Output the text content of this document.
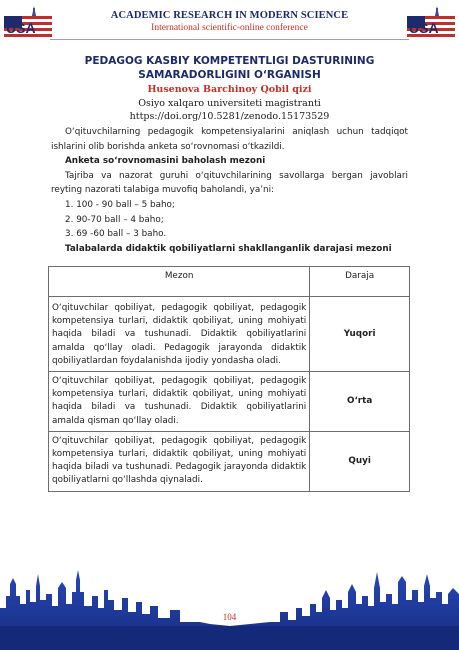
USA
ACADEMIC RESEARCH IN MODERN SCIENCE
International scientific-online conference	USA
PEDAGOG KASBIY KOMPETENTLIGI DASTURINING
SAMARADORLIGINI O‘RGANISH
Husenova Barchinoy Qobil qizi
Osiyo xalqaro universiteti magistranti
https://doi.org/10.5281/zenodo.15173529

O‘qituvchilarning pedagogik kompetensiyalarini aniqlash uchun tadqiqot ishlarini olib borishda anketa so‘rovnomasi o‘tkazildi.

Anketa so‘rovnomasini baholash mezoni

Tajriba va nazorat guruhi o‘qituvchilarining savollarga bergan javoblari reyting nazorati talabiga muvofiq baholandi, ya’ni:

1. 100 - 90 ball – 5 baho;

2. 90-70 ball – 4 baho;

3. 69 -60 ball – 3 baho.

Talabalarda didaktik qobiliyatlarni shakllanganlik darajasi mezoni

Mezon	Daraja
O‘qituvchilar qobiliyat, pedagogik qobiliyat, pedagogik kompetensiya turlari, didaktik qobiliyat, uning mohiyati haqida biladi va tushunadi. Didaktik qobiliyatlarini amalda qo‘llay oladi. Pedagogik jarayonda didaktik qobiliyatlardan foydalanishda ijodiy yondasha oladi.	Yuqori
O‘qituvchilar qobiliyat, pedagogik qobiliyat, pedagogik kompetensiya turlari, didaktik qobiliyat, uning mohiyati haqida biladi va tushunadi. Didaktik qobiliyatlarini amalda qisman qo‘llay oladi.	O‘rta
O‘qituvchilar qobiliyat, pedagogik qobiliyat, pedagogik kompetensiya turlari, didaktik qobiliyat, uning mohiyati haqida biladi va tushunadi. Pedagogik jarayonda didaktik qobiliyatlarni qo‘llashda qiynaladi.	Quyi
104
